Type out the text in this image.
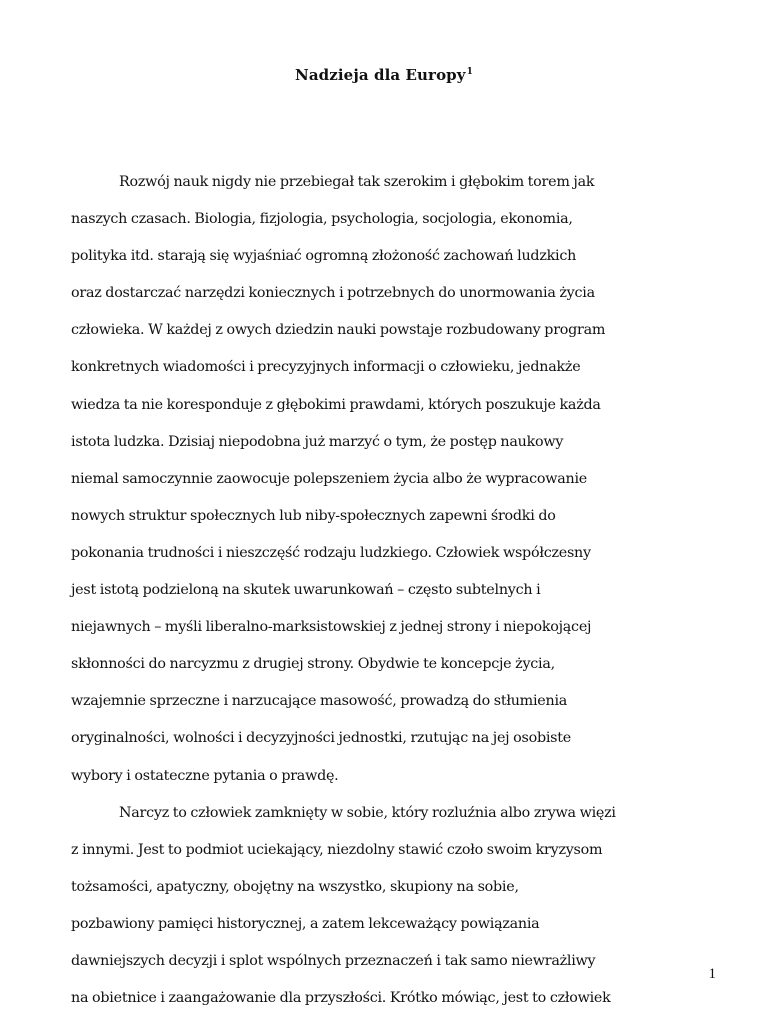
Nadzieja dla Europy$^1$

Rozwój nauk nigdy nie przebiegał tak szerokim i głębokim torem jak
naszych czasach. Biologia, fizjologia, psychologia, socjologia, ekonomia,
polityka itd. starają się wyjaśniać ogromną złożoność zachowań ludzkich
oraz dostarczać narzędzi koniecznych i potrzebnych do unormowania życia
człowieka. W każdej z owych dziedzin nauki powstaje rozbudowany program
konkretnych wiadomości i precyzyjnych informacji o człowieku, jednakże
wiedza ta nie koresponduje z głębokimi prawdami, których poszukuje każda
istota ludzka. Dzisiaj niepodobna już marzyć o tym, że postęp naukowy
niemal samoczynnie zaowocuje polepszeniem życia albo że wypracowanie
nowych struktur społecznych lub niby-społecznych zapewni środki do
pokonania trudności i nieszczęść rodzaju ludzkiego. Człowiek współczesny
jest istotą podzieloną na skutek uwarunkowań – często subtelnych i
niejawnych – myśli liberalno-marksistowskiej z jednej strony i niepokojącej
skłonności do narcyzmu z drugiej strony. Obydwie te koncepcje życia,
wzajemnie sprzeczne i narzucające masowość, prowadzą do stłumienia
oryginalności, wolności i decyzyjności jednostki, rzutując na jej osobiste
wybory i ostateczne pytania o prawdę.

Narcyz to człowiek zamknięty w sobie, który rozluźnia albo zrywa więzi
z innymi. Jest to podmiot uciekający, niezdolny stawić czoło swoim kryzysom
tożsamości, apatyczny, obojętny na wszystko, skupiony na sobie,
pozbawiony pamięci historycznej, a zatem lekceważący powiązania
dawniejszych decyzji i splot wspólnych przeznaczeń i tak samo niewrażliwy
na obietnice i zaangażowanie dla przyszłości. Krótko mówiąc, jest to człowiek

1
